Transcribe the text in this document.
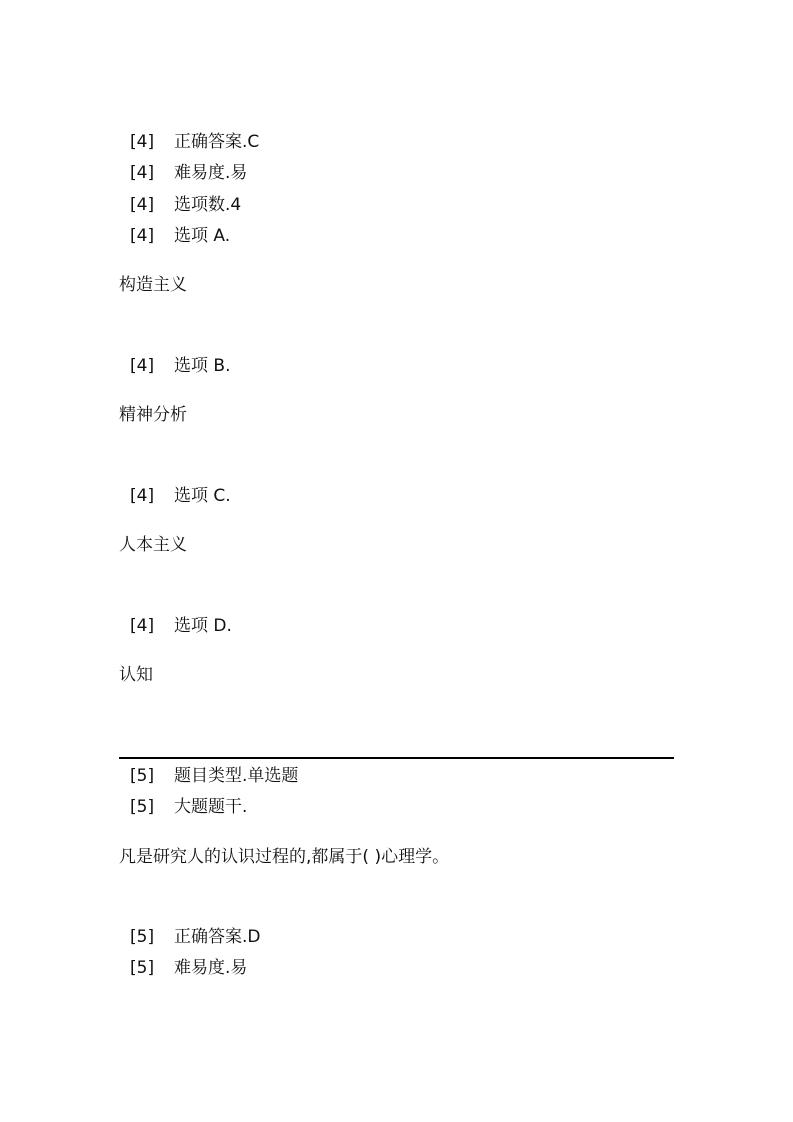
[4] 正确答案.C
[4] 难易度.易
[4] 选项数.4
[4] 选项 A.
构造主义
[4] 选项 B.
精神分析
[4] 选项 C.
人本主义
[4] 选项 D.
认知
[5] 题目类型.单选题
[5] 大题题干.
凡是研究人的认识过程的,都属于( )心理学。
[5] 正确答案.D
[5] 难易度.易
